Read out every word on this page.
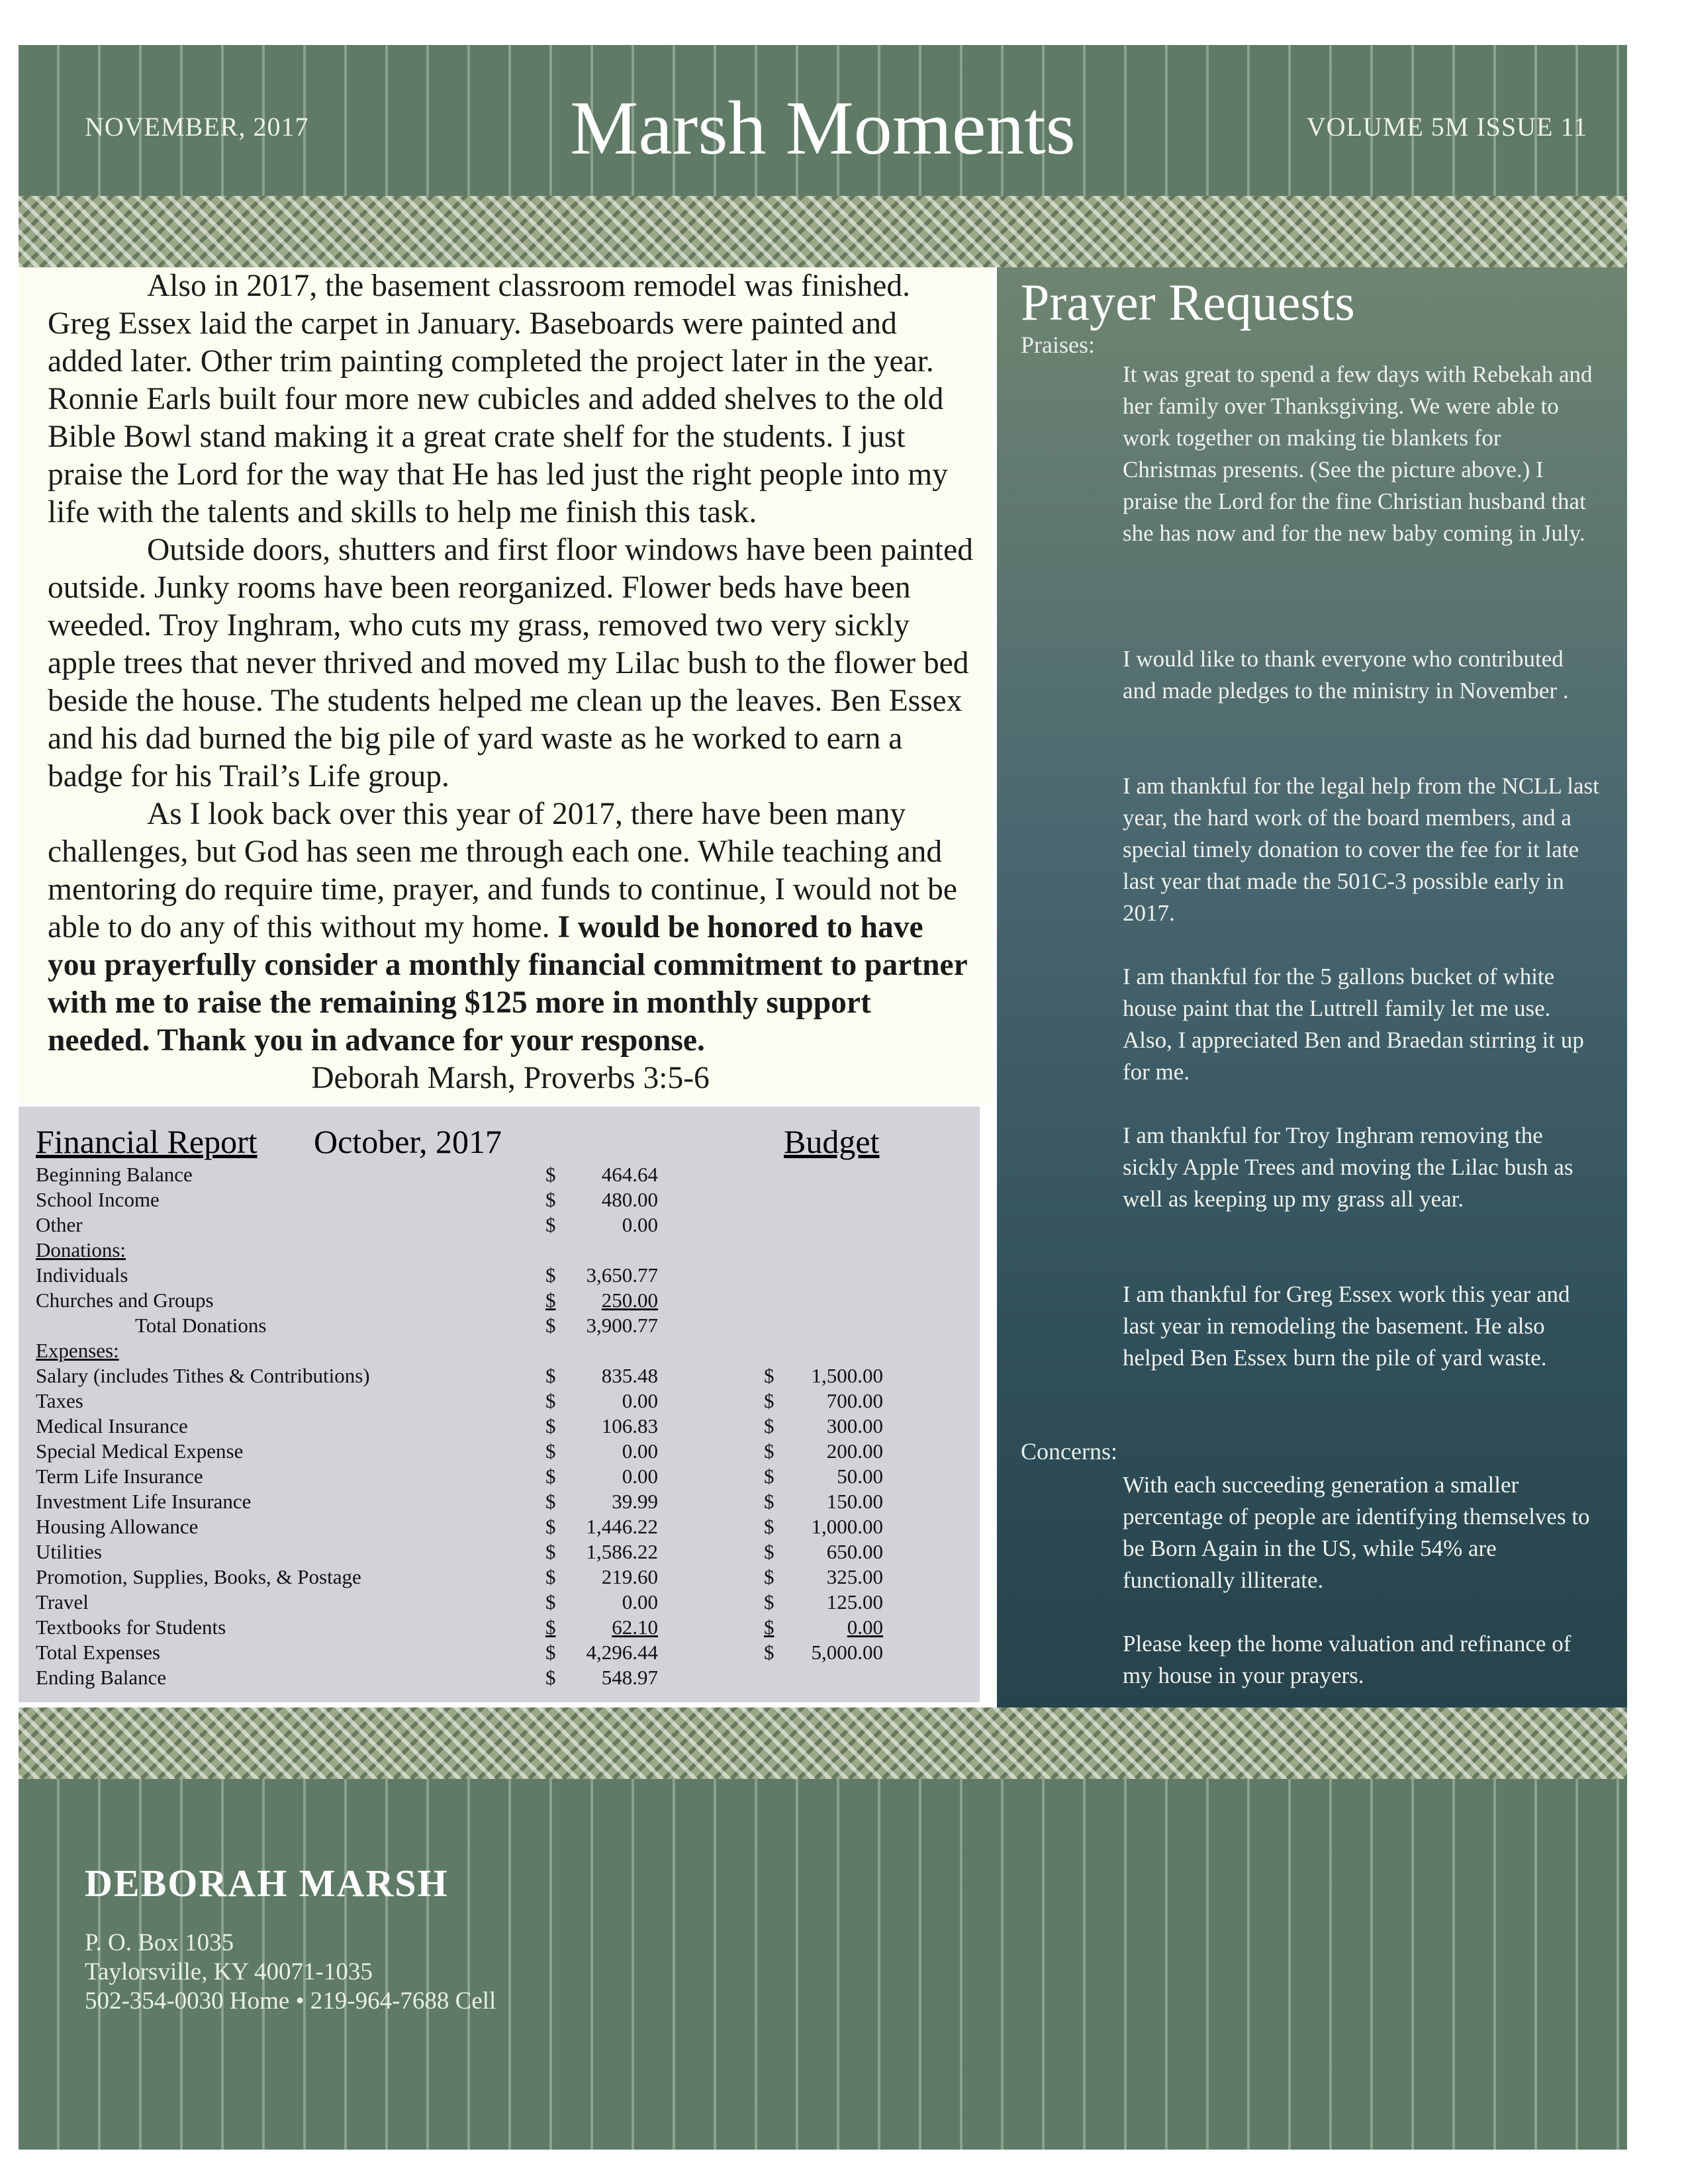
NOVEMBER, 2017	Marsh Moments	VOLUME 5M ISSUE 11

Also in 2017, the basement classroom remodel was finished. Greg Essex laid the carpet in January. Baseboards were painted and added later. Other trim painting completed the project later in the year. Ronnie Earls built four more new cubicles and added shelves to the old Bible Bowl stand making it a great crate shelf for the students. I just praise the Lord for the way that He has led just the right people into my life with the talents and skills to help me finish this task.

Outside doors, shutters and first floor windows have been painted outside. Junky rooms have been reorganized. Flower beds have been weeded. Troy Inghram, who cuts my grass, removed two very sickly apple trees that never thrived and moved my Lilac bush to the flower bed beside the house. The students helped me clean up the leaves. Ben Essex and his dad burned the big pile of yard waste as he worked to earn a badge for his Trail’s Life group.

As I look back over this year of 2017, there have been many challenges, but God has seen me through each one. While teaching and mentoring do require time, prayer, and funds to continue, I would not be able to do any of this without my home. I would be honored to have you prayerfully consider a monthly financial commitment to partner with me to raise the remaining $125 more in monthly support needed. Thank you in advance for your response.

Deborah Marsh, Proverbs 3:5-6

Financial Report October, 2017	Budget
Beginning Balance	$	464.64
School Income	$	480.00
Other	$	0.00
Donations:
Individuals	$	3,650.77
Churches and Groups	$	250.00
Total Donations	$	3,900.77
Expenses:
Salary (includes Tithes & Contributions)	$	835.48	$	1,500.00
Taxes	$	0.00	$	700.00
Medical Insurance	$	106.83	$	300.00
Special Medical Expense	$	0.00	$	200.00
Term Life Insurance	$	0.00	$	50.00
Investment Life Insurance	$	39.99	$	150.00
Housing Allowance	$	1,446.22	$	1,000.00
Utilities	$	1,586.22	$	650.00
Promotion, Supplies, Books, & Postage	$	219.60	$	325.00
Travel	$	0.00	$	125.00
Textbooks for Students	$	62.10	$	0.00
Total Expenses	$	4,296.44	$	5,000.00
Ending Balance	$	548.97
Prayer Requests
Praises:
It was great to spend a few days with Rebekah and her family over Thanksgiving. We were able to work together on making tie blankets for Christmas presents. (See the picture above.) I praise the Lord for the fine Christian husband that she has now and for the new baby coming in July.
I would like to thank everyone who contributed and made pledges to the ministry in November .
I am thankful for the legal help from the NCLL last year, the hard work of the board members, and a special timely donation to cover the fee for it late last year that made the 501C-3 possible early in 2017.
I am thankful for the 5 gallons bucket of white house paint that the Luttrell family let me use. Also, I appreciated Ben and Braedan stirring it up for me.
I am thankful for Troy Inghram removing the sickly Apple Trees and moving the Lilac bush as well as keeping up my grass all year.
I am thankful for Greg Essex work this year and last year in remodeling the basement. He also helped Ben Essex burn the pile of yard waste.
Concerns:
With each succeeding generation a smaller percentage of people are identifying themselves to be Born Again in the US, while 54% are functionally illiterate.
Please keep the home valuation and refinance of my house in your prayers.
DEBORAH MARSH
P. O. Box 1035
Taylorsville, KY 40071-1035
502-354-0030 Home • 219-964-7688 Cell
